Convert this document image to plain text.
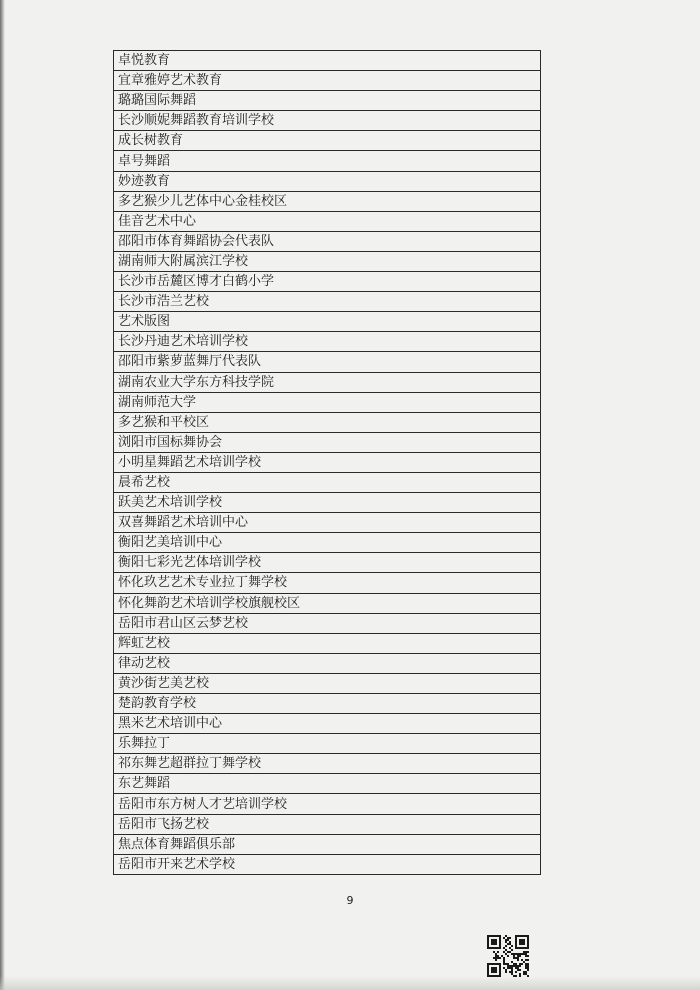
卓悦教育
宜章雅婷艺术教育
璐璐国际舞蹈
长沙顺妮舞蹈教育培训学校
成长树教育
卓号舞蹈
妙迹教育
多艺猴少儿艺体中心金桂校区
佳音艺术中心
邵阳市体育舞蹈协会代表队
湖南师大附属滨江学校
长沙市岳麓区博才白鹤小学
长沙市浩兰艺校
艺术版图
长沙丹迪艺术培训学校
邵阳市紫萝蓝舞厅代表队
湖南农业大学东方科技学院
湖南师范大学
多艺猴和平校区
浏阳市国标舞协会
小明星舞蹈艺术培训学校
晨希艺校
跃美艺术培训学校
双喜舞蹈艺术培训中心
衡阳艺美培训中心
衡阳七彩光艺体培训学校
怀化玖艺艺术专业拉丁舞学校
怀化舞韵艺术培训学校旗舰校区
岳阳市君山区云梦艺校
辉虹艺校
律动艺校
黄沙街艺美艺校
楚韵教育学校
黑米艺术培训中心
乐舞拉丁
祁东舞艺超群拉丁舞学校
东艺舞蹈
岳阳市东方树人才艺培训学校
岳阳市飞扬艺校
焦点体育舞蹈俱乐部
岳阳市开来艺术学校
9
